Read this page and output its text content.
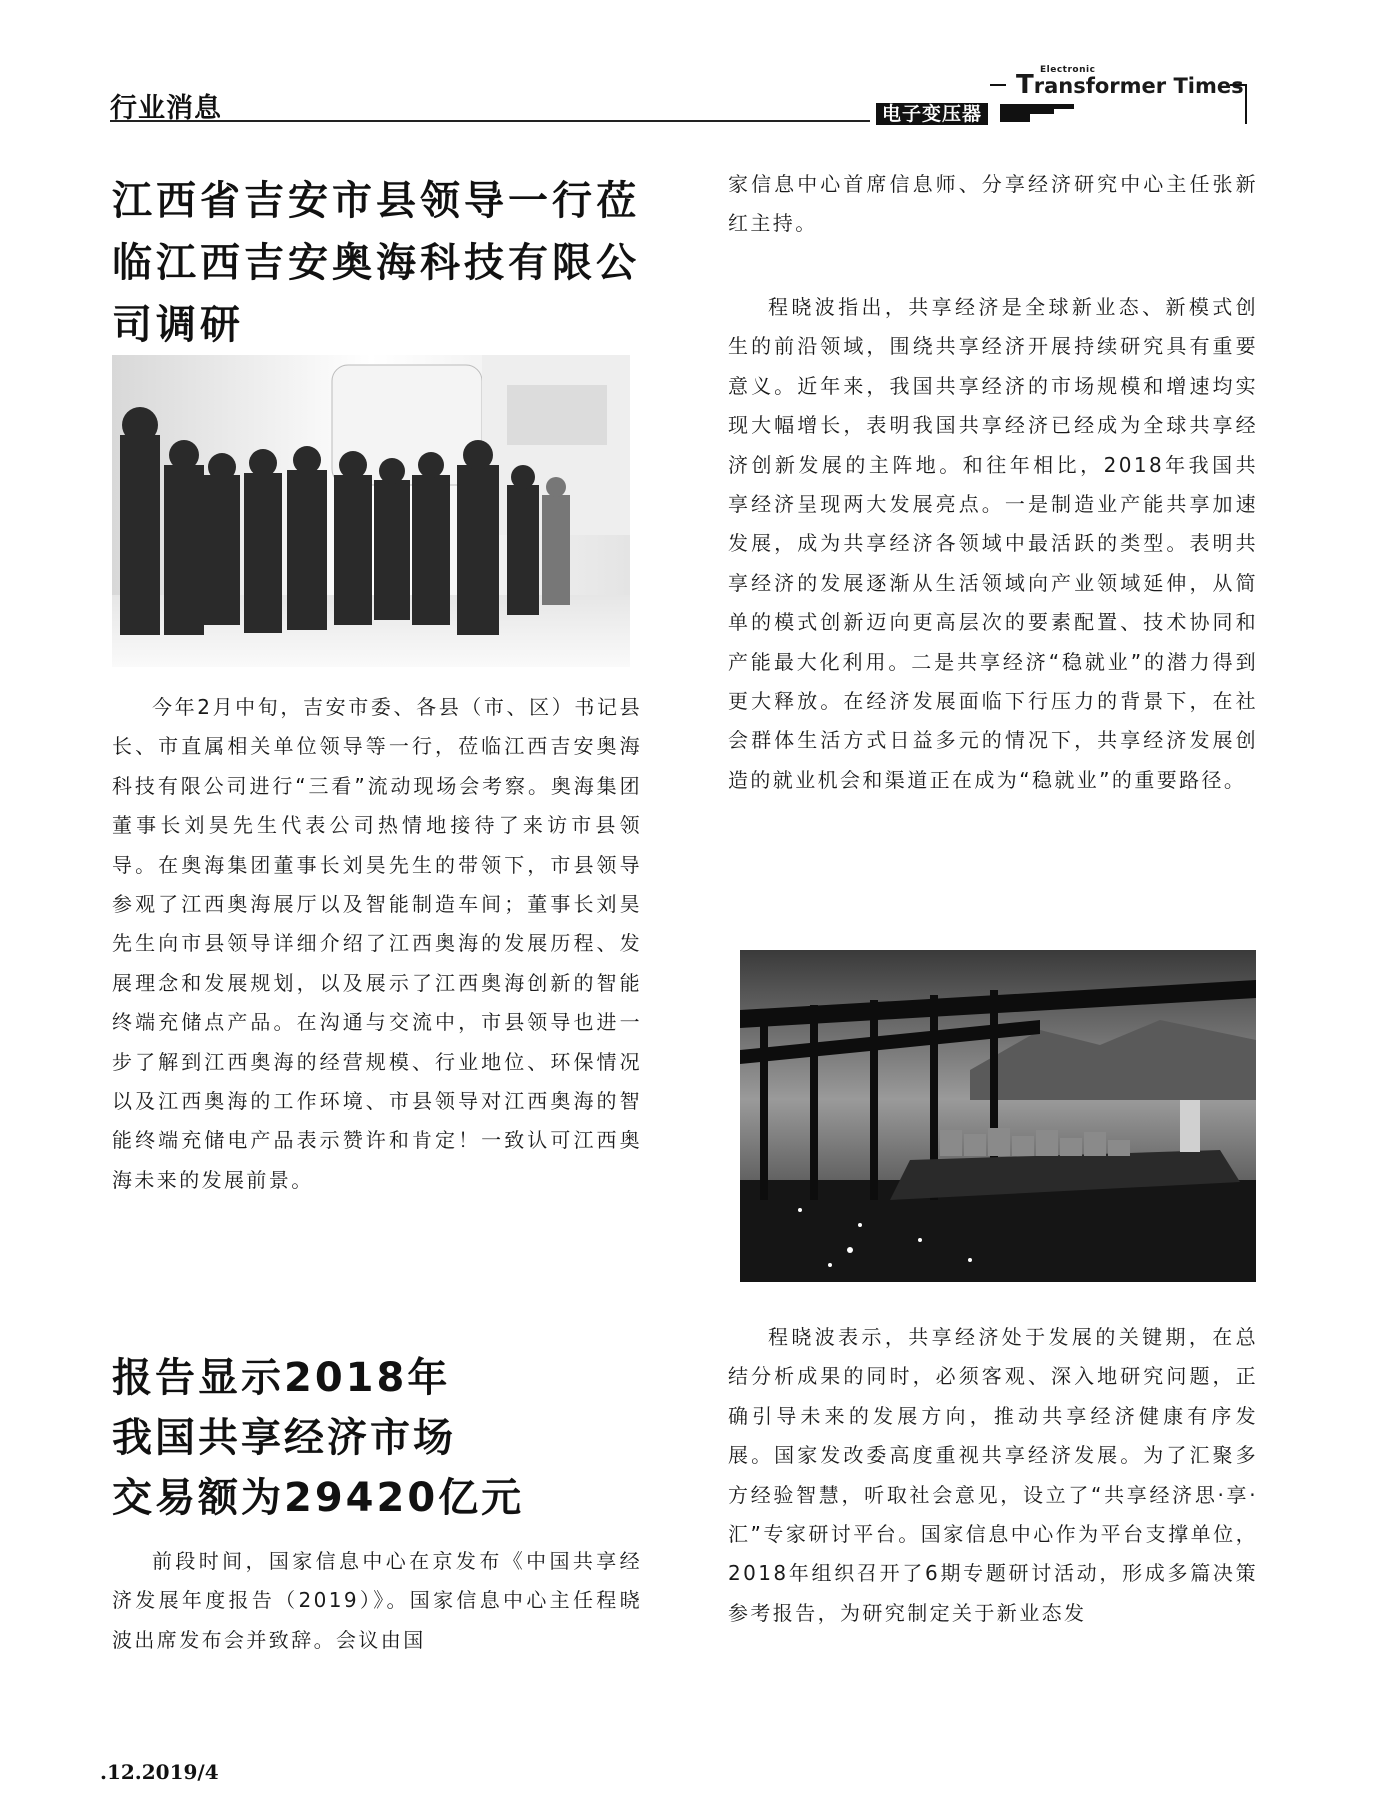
行业消息	电子变压器
Electronic
Transformer Times
江西省吉安市县领导一行莅临江西吉安奥海科技有限公司调研

今年2月中旬，吉安市委、各县（市、区）书记县长、市直属相关单位领导等一行，莅临江西吉安奥海科技有限公司进行“三看”流动现场会考察。奥海集团董事长刘昊先生代表公司热情地接待了来访市县领导。在奥海集团董事长刘昊先生的带领下，市县领导参观了江西奥海展厅以及智能制造车间；董事长刘昊先生向市县领导详细介绍了江西奥海的发展历程、发展理念和发展规划，以及展示了江西奥海创新的智能终端充储点产品。在沟通与交流中，市县领导也进一步了解到江西奥海的经营规模、行业地位、环保情况以及江西奥海的工作环境、市县领导对江西奥海的智能终端充储电产品表示赞许和肯定！一致认可江西奥海未来的发展前景。

报告显示2018年
我国共享经济市场
交易额为29420亿元

前段时间，国家信息中心在京发布《中国共享经济发展年度报告（2019）》。国家信息中心主任程晓波出席发布会并致辞。会议由国

家信息中心首席信息师、分享经济研究中心主任张新红主持。

程晓波指出，共享经济是全球新业态、新模式创生的前沿领域，围绕共享经济开展持续研究具有重要意义。近年来，我国共享经济的市场规模和增速均实现大幅增长，表明我国共享经济已经成为全球共享经济创新发展的主阵地。和往年相比，2018年我国共享经济呈现两大发展亮点。一是制造业产能共享加速发展，成为共享经济各领域中最活跃的类型。表明共享经济的发展逐渐从生活领域向产业领域延伸，从简单的模式创新迈向更高层次的要素配置、技术协同和产能最大化利用。二是共享经济“稳就业”的潜力得到更大释放。在经济发展面临下行压力的背景下，在社会群体生活方式日益多元的情况下，共享经济发展创造的就业机会和渠道正在成为“稳就业”的重要路径。

程晓波表示，共享经济处于发展的关键期，在总结分析成果的同时，必须客观、深入地研究问题，正确引导未来的发展方向，推动共享经济健康有序发展。国家发改委高度重视共享经济发展。为了汇聚多方经验智慧，听取社会意见，设立了“共享经济思·享·汇”专家研讨平台。国家信息中心作为平台支撑单位，2018年组织召开了6期专题研讨活动，形成多篇决策参考报告，为研究制定关于新业态发

.12.2019/4
